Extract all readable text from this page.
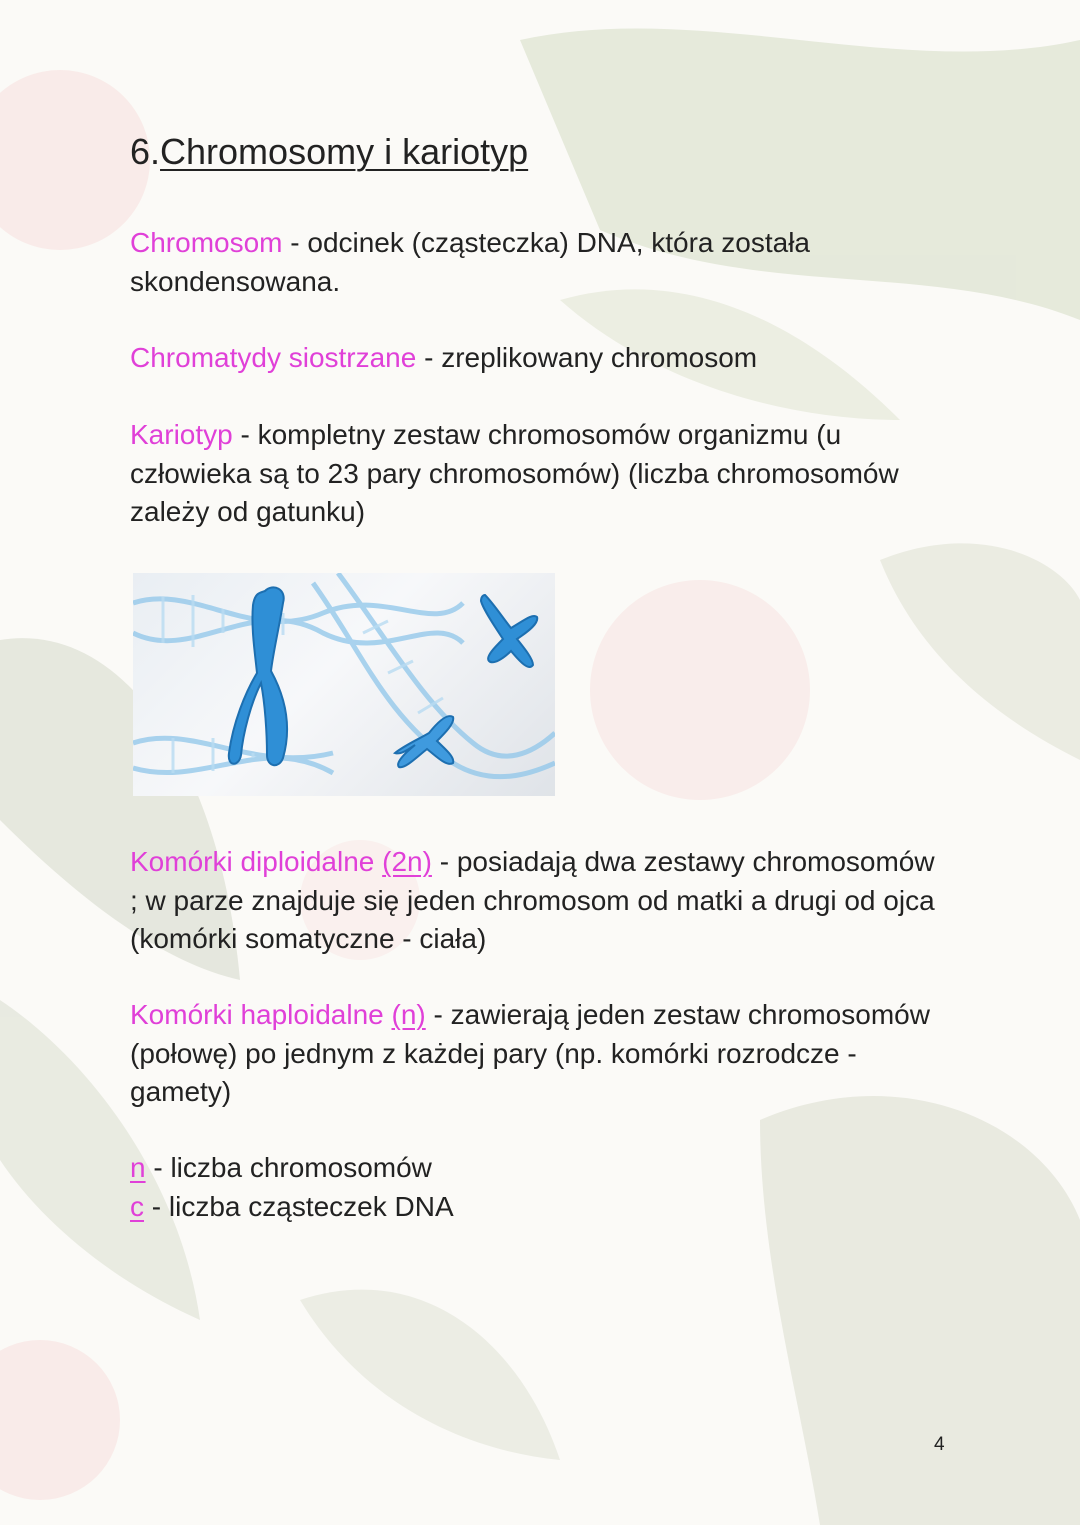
6.Chromosomy i kariotyp
Chromosom - odcinek (cząsteczka) DNA, która została skondensowana.
Chromatydy siostrzane - zreplikowany chromosom
Kariotyp - kompletny zestaw chromosomów organizmu (u człowieka są to 23 pary chromosomów) (liczba chromosomów zależy od gatunku)
Komórki diploidalne (2n) - posiadają dwa zestawy chromosomów ; w parze znajduje się jeden chromosom od matki a drugi od ojca (komórki somatyczne - ciała)
Komórki haploidalne (n) - zawierają jeden zestaw chromosomów (połowę) po jednym z każdej pary (np. komórki rozrodcze - gamety)
n - liczba chromosomów
c - liczba cząsteczek DNA
4
